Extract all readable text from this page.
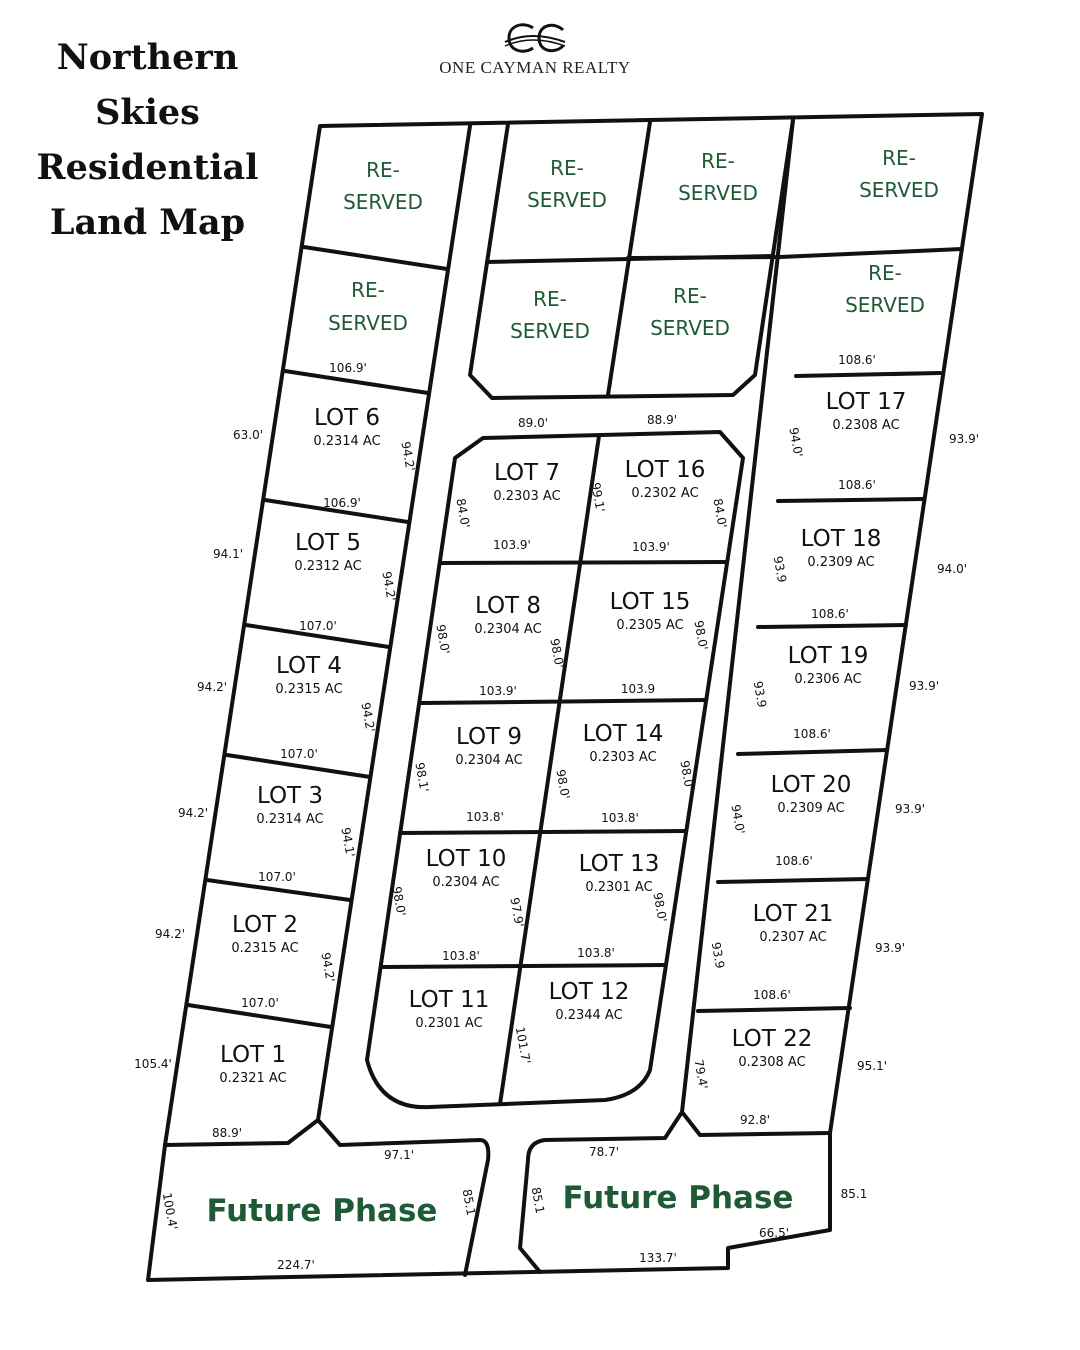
Northern
Skies
Residential
Land Map
ONE CAYMAN REALTY
RE-
SERVED
RE-
SERVED
RE-
SERVED
RE-
SERVED
RE-
SERVED
RE-
SERVED
RE-
SERVED
RE-
SERVED
Future Phase	Future Phase
LOT 1
0.2321 AC
LOT 2
0.2315 AC
LOT 3
0.2314 AC
LOT 4
0.2315 AC
LOT 5
0.2312 AC
LOT 6
0.2314 AC
LOT 7
0.2303 AC
LOT 8
0.2304 AC
LOT 9
0.2304 AC
LOT 10
0.2304 AC
LOT 11
0.2301 AC
LOT 12
0.2344 AC
LOT 13
0.2301 AC
LOT 14
0.2303 AC
LOT 15
0.2305 AC
LOT 16
0.2302 AC
LOT 17
0.2308 AC
LOT 18
0.2309 AC
LOT 19
0.2306 AC
LOT 20
0.2309 AC
LOT 21
0.2307 AC
LOT 22
0.2308 AC
106.9'
63.0'
94.2'
106.9'
94.1'
94.2'
107.0'
94.2'
94.2'
107.0'
94.2'
94.1'
107.0'
94.2'
94.2'
107.0'
105.4'
88.9'
89.0'	88.9'
84.0'	99.1'	84.0'
103.9'	103.9'
98.0'	98.0'
98.0'
103.9'	103.9
98.1'	98.0'	98.0'
103.8'	103.8'
98.0'	97.9'	98.0'
103.8'	103.8'
101.7'
108.6'
94.0'	93.9'
108.6'
93.9	94.0'
108.6'
93.9	93.9'
108.6'
94.0'	93.9'
108.6'
93.9	93.9'
108.6'
79.4'	95.1'
92.8'
97.1'	78.7'
100.4'	85.1	85.1	85.1
66.5'
224.7'	133.7'
